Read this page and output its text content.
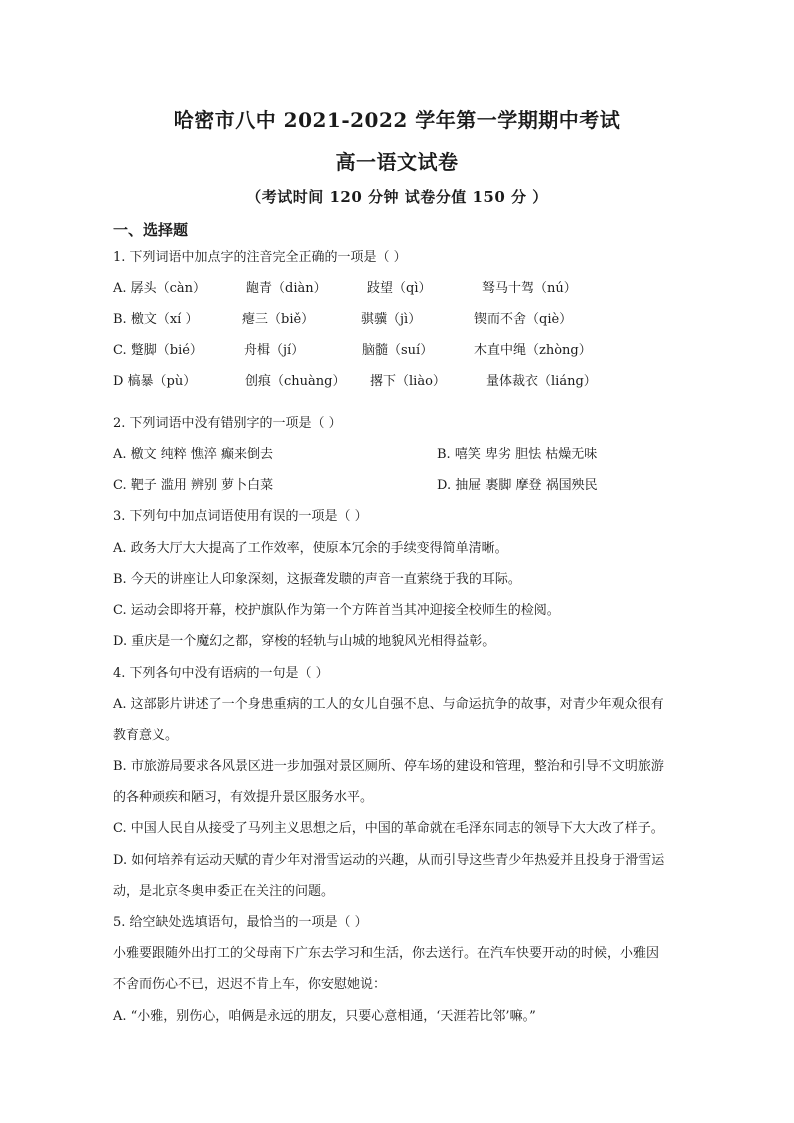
哈密市八中 2021-2022 学年第一学期期中考试
高一语文试卷
（考试时间 120 分钟 试卷分值 150 分 ）
一、选择题
1. 下列词语中加点字的注音完全正确的一项是（ ）
A. 孱头（càn）	龅青（diàn）	跂望（qì）	驽马十驾（nú）
B. 檄文（xí ）	瘪三（biě）	骐骥（jì）	锲而不舍（qiè）
C. 蹩脚（bié）	舟楫（jí）	脑髓（suí）	木直中绳（zhòng）
D 槁暴（pù）	创痕（chuàng） 撂下（liào）	量体裁衣（liáng）
2. 下列词语中没有错别字的一项是（ ）
A. 檄文 纯粹 憔淬 癫来倒去	B. 嘻笑 卑劣 胆怯 枯燥无味
C. 靶子 滥用 辨别 萝卜白菜	D. 抽屉 裹脚 摩登 祸国殃民
3. 下列句中加点词语使用有误的一项是（ ）
A. 政务大厅大大提高了工作效率，使原本冗余的手续变得简单清晰。
B. 今天的讲座让人印象深刻，这振聋发聩的声音一直萦绕于我的耳际。
C. 运动会即将开幕，校护旗队作为第一个方阵首当其冲迎接全校师生的检阅。
D. 重庆是一个魔幻之都，穿梭的轻轨与山城的地貌风光相得益彰。
4. 下列各句中没有语病的一句是（ ）
A. 这部影片讲述了一个身患重病的工人的女儿自强不息、与命运抗争的故事，对青少年观众很有
教育意义。
B. 市旅游局要求各风景区进一步加强对景区厕所、停车场的建设和管理，整治和引导不文明旅游
的各种顽疾和陋习，有效提升景区服务水平。
C. 中国人民自从接受了马列主义思想之后，中国的革命就在毛泽东同志的领导下大大改了样子。
D. 如何培养有运动天赋的青少年对滑雪运动的兴趣，从而引导这些青少年热爱并且投身于滑雪运
动，是北京冬奥申委正在关注的问题。
5. 给空缺处选填语句，最恰当的一项是（ ）
小雅要跟随外出打工的父母南下广东去学习和生活，你去送行。在汽车快要开动的时候，小雅因
不舍而伤心不已，迟迟不肯上车，你安慰她说：
A. “小雅，别伤心，咱俩是永远的朋友，只要心意相通，‘天涯若比邻’嘛。”
